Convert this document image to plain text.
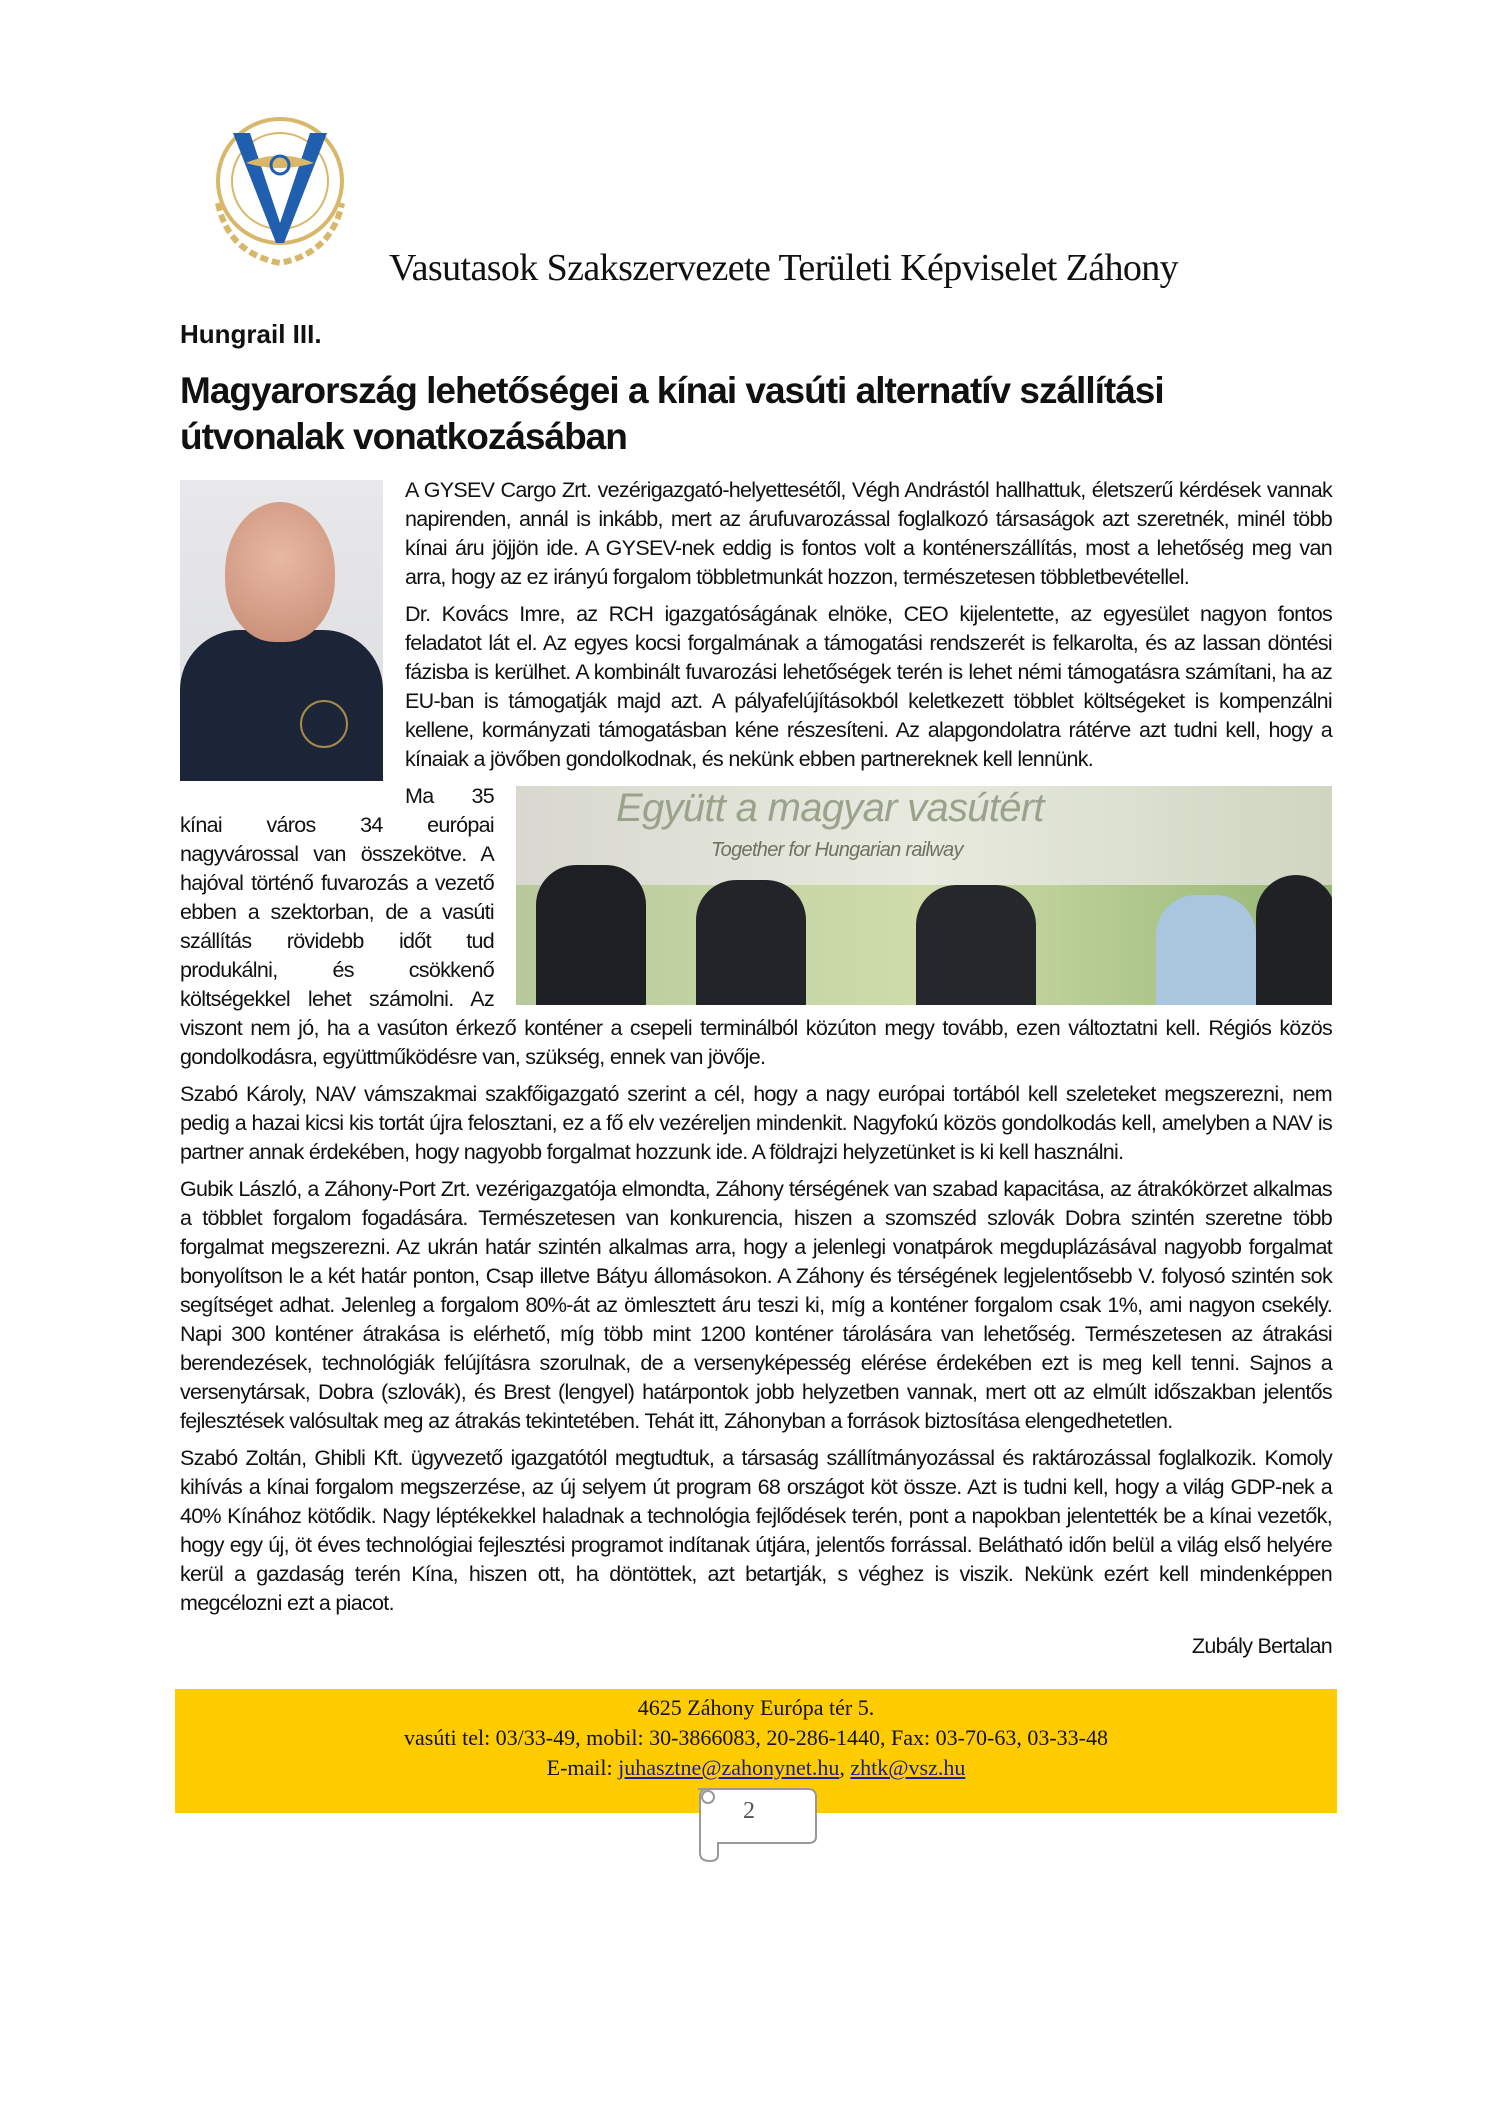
Vasutasok Szakszervezete Területi Képviselet Záhony
Hungrail III.
Magyarország lehetőségei a kínai vasúti alternatív szállítási útvonalak vonatkozásában

A GYSEV Cargo Zrt. vezérigazgató-helyettesétől, Végh Andrástól hallhattuk, életszerű kérdések vannak napirenden, annál is inkább, mert az árufuvarozással foglalkozó társaságok azt szeretnék, minél több kínai áru jöjjön ide. A GYSEV-nek eddig is fontos volt a konténerszállítás, most a lehetőség meg van arra, hogy az ez irányú forgalom többletmunkát hozzon, természetesen többletbevétellel.

Dr. Kovács Imre, az RCH igazgatóságának elnöke, CEO kijelentette, az egyesület nagyon fontos feladatot lát el. Az egyes kocsi forgalmának a támogatási rendszerét is felkarolta, és az lassan döntési fázisba is kerülhet. A kombinált fuvarozási lehetőségek terén is lehet némi támogatásra számítani, ha az EU-ban is támogatják majd azt. A pályafelújításokból keletkezett többlet költségeket is kompenzálni kellene, kormányzati támogatásban kéne részesíteni. Az alapgondolatra rátérve azt tudni kell, hogy a kínaiak a jövőben gondolkodnak, és nekünk ebben partnereknek kell lennünk.

Együtt a magyar vasútért
Together for Hungarian railway

Ma 35 kínai város 34 európai nagyvárossal van összekötve. A hajóval történő fuvarozás a vezető ebben a szektorban, de a vasúti szállítás rövidebb időt tud produkálni, és csökkenő költségekkel lehet számolni. Az viszont nem jó, ha a vasúton érkező konténer a csepeli terminálból közúton megy tovább, ezen változtatni kell. Régiós közös gondolkodásra, együttműködésre van, szükség, ennek van jövője.

Szabó Károly, NAV vámszakmai szakfőigazgató szerint a cél, hogy a nagy európai tortából kell szeleteket megszerezni, nem pedig a hazai kicsi kis tortát újra felosztani, ez a fő elv vezéreljen mindenkit. Nagyfokú közös gondolkodás kell, amelyben a NAV is partner annak érdekében, hogy nagyobb forgalmat hozzunk ide. A földrajzi helyzetünket is ki kell használni.

Gubik László, a Záhony-Port Zrt. vezérigazgatója elmondta, Záhony térségének van szabad kapacitása, az átrakókörzet alkalmas a többlet forgalom fogadására. Természetesen van konkurencia, hiszen a szomszéd szlovák Dobra szintén szeretne több forgalmat megszerezni. Az ukrán határ szintén alkalmas arra, hogy a jelenlegi vonatpárok megduplázásával nagyobb forgalmat bonyolítson le a két határ ponton, Csap illetve Bátyu állomásokon. A Záhony és térségének legjelentősebb V. folyosó szintén sok segítséget adhat. Jelenleg a forgalom 80%-át az ömlesztett áru teszi ki, míg a konténer forgalom csak 1%, ami nagyon csekély. Napi 300 konténer átrakása is elérhető, míg több mint 1200 konténer tárolására van lehetőség. Természetesen az átrakási berendezések, technológiák felújításra szorulnak, de a versenyképesség elérése érdekében ezt is meg kell tenni. Sajnos a versenytársak, Dobra (szlovák), és Brest (lengyel) határpontok jobb helyzetben vannak, mert ott az elmúlt időszakban jelentős fejlesztések valósultak meg az átrakás tekintetében. Tehát itt, Záhonyban a források biztosítása elengedhetetlen.

Szabó Zoltán, Ghibli Kft. ügyvezető igazgatótól megtudtuk, a társaság szállítmányozással és raktározással foglalkozik. Komoly kihívás a kínai forgalom megszerzése, az új selyem út program 68 országot köt össze. Azt is tudni kell, hogy a világ GDP-nek a 40% Kínához kötődik. Nagy léptékekkel haladnak a technológia fejlődések terén, pont a napokban jelentették be a kínai vezetők, hogy egy új, öt éves technológiai fejlesztési programot indítanak útjára, jelentős forrással. Belátható időn belül a világ első helyére kerül a gazdaság terén Kína, hiszen ott, ha döntöttek, azt betartják, s véghez is viszik. Nekünk ezért kell mindenképpen megcélozni ezt a piacot.

Zubály Bertalan

4625 Záhony Európa tér 5.
vasúti tel: 03/33-49, mobil: 30-3866083, 20-286-1440, Fax: 03-70-63, 03-33-48
E-mail: juhasztne@zahonynet.hu, zhtk@vsz.hu
2
